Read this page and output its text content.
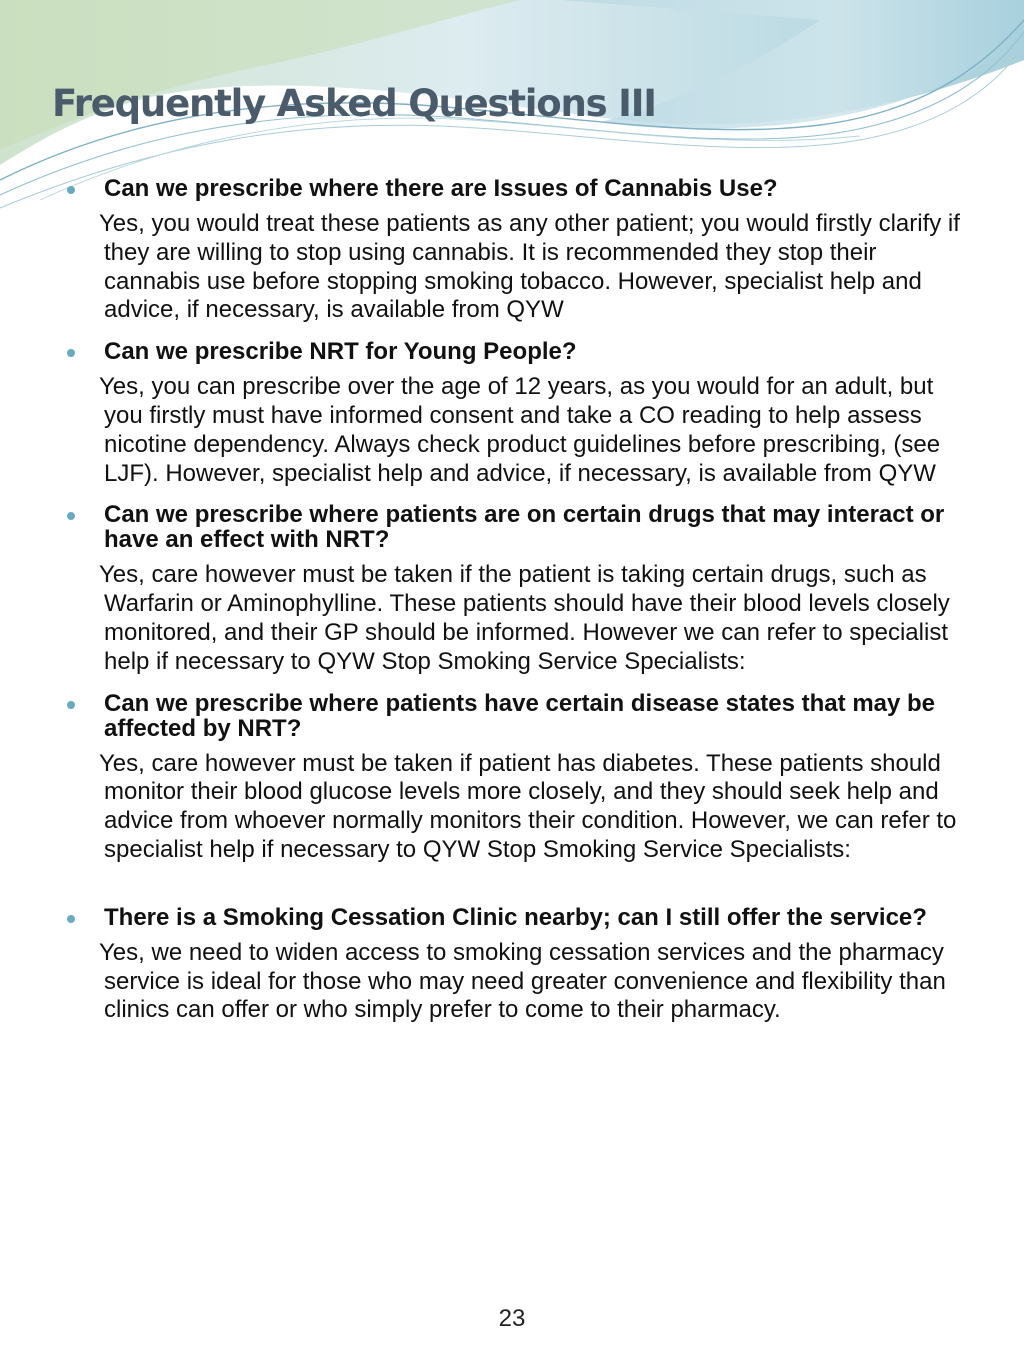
Frequently Asked Questions III

Can we prescribe where there are Issues of Cannabis Use?

Yes, you would treat these patients as any other patient; you would firstly clarify if they are willing to stop using cannabis. It is recommended they stop their cannabis use before stopping smoking tobacco. However, specialist help and advice, if necessary, is available from QYW

Can we prescribe NRT for Young People?

Yes, you can prescribe over the age of 12 years, as you would for an adult, but you firstly must have informed consent and take a CO reading to help assess nicotine dependency. Always check product guidelines before prescribing, (see LJF). However, specialist help and advice, if necessary, is available from QYW

Can we prescribe where patients are on certain drugs that may interact or have an effect with NRT?

Yes, care however must be taken if the patient is taking certain drugs, such as Warfarin or Aminophylline. These patients should have their blood levels closely monitored, and their GP should be informed. However we can refer to specialist help if necessary to QYW Stop Smoking Service Specialists:

Can we prescribe where patients have certain disease states that may be affected by NRT?

Yes, care however must be taken if patient has diabetes. These patients should monitor their blood glucose levels more closely, and they should seek help and advice from whoever normally monitors their condition. However, we can refer to specialist help if necessary to QYW Stop Smoking Service Specialists:

There is a Smoking Cessation Clinic nearby; can I still offer the service?

Yes, we need to widen access to smoking cessation services and the pharmacy service is ideal for those who may need greater convenience and flexibility than clinics can offer or who simply prefer to come to their pharmacy.

23
